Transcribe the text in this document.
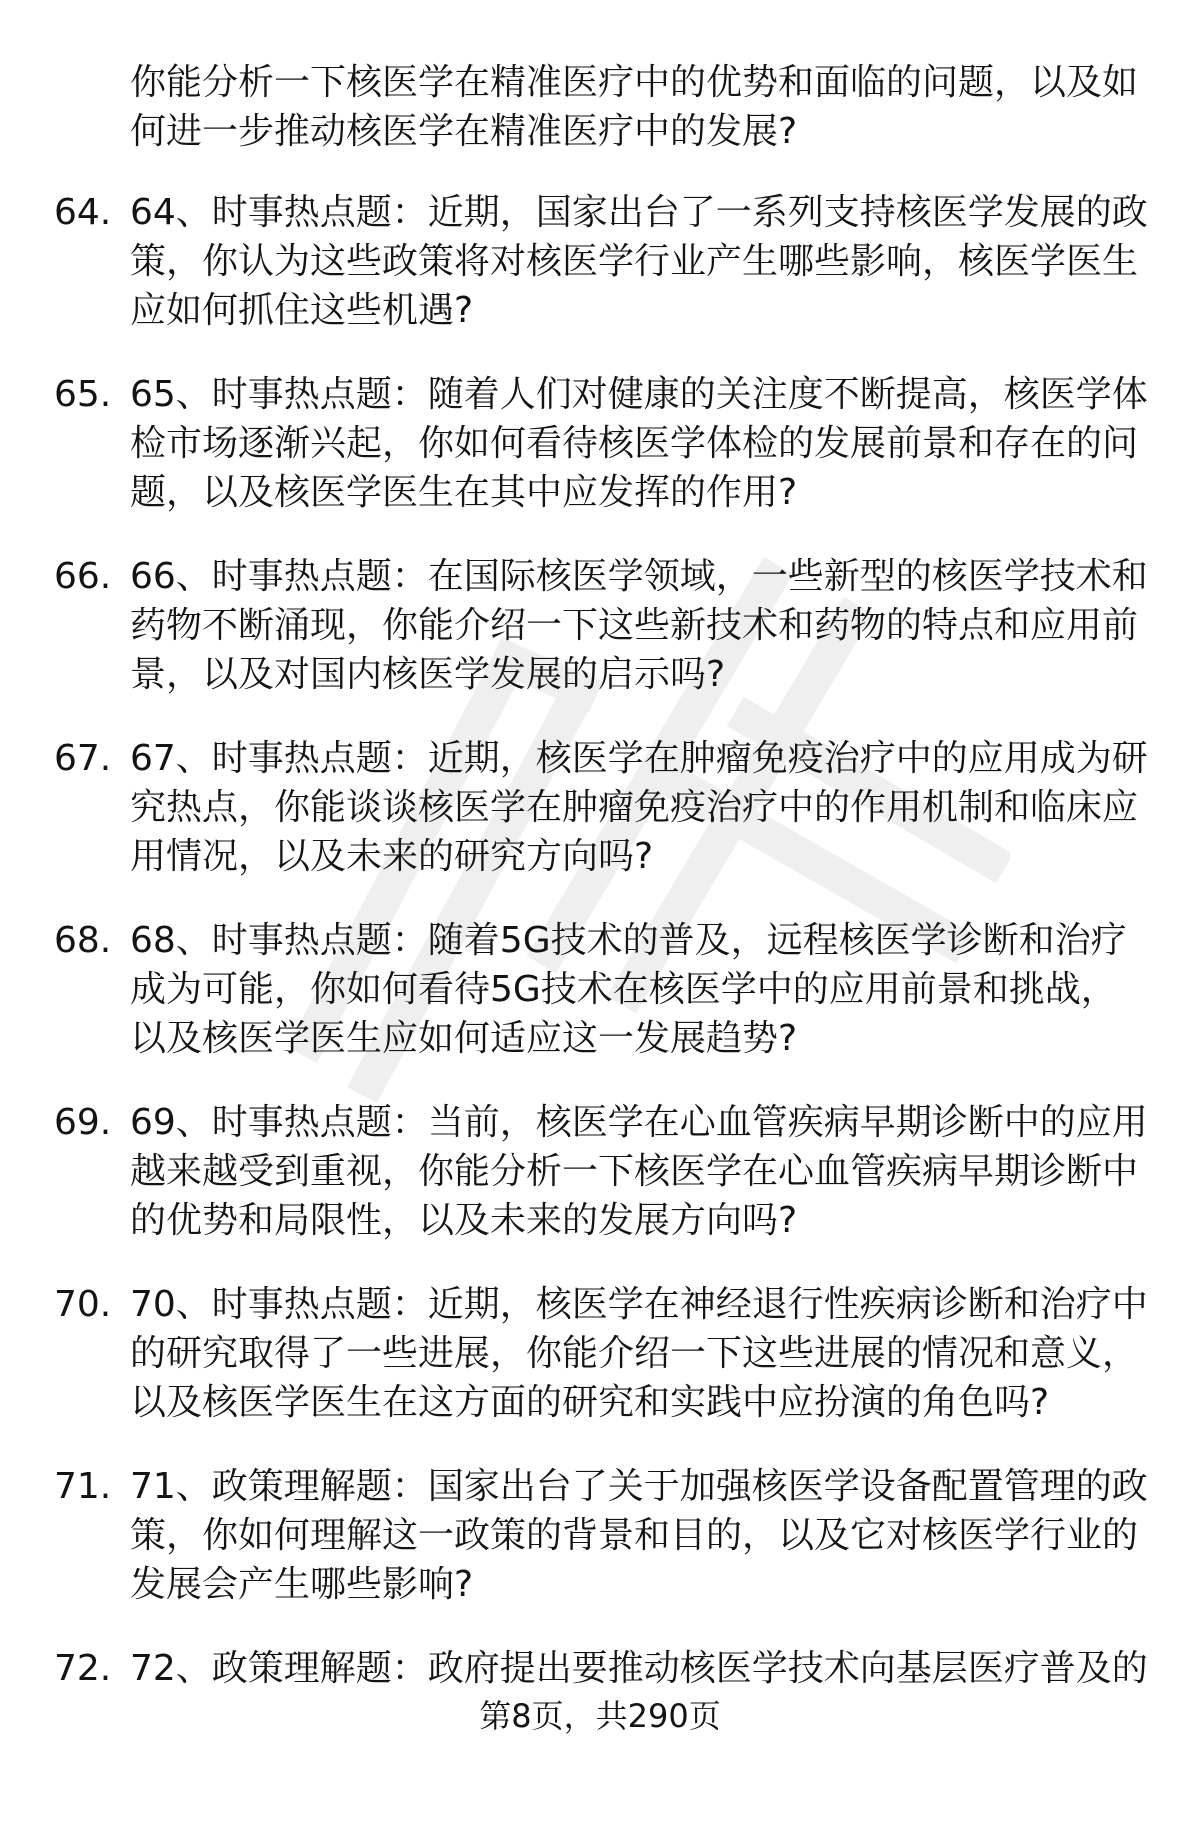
你能分析一下核医学在精准医疗中的优势和面临的问题，以及如何进一步推动核医学在精准医疗中的发展?

64. 64、时事热点题：近期，国家出台了一系列支持核医学发展的政策，你认为这些政策将对核医学行业产生哪些影响，核医学医生应如何抓住这些机遇?
65. 65、时事热点题：随着人们对健康的关注度不断提高，核医学体检市场逐渐兴起，你如何看待核医学体检的发展前景和存在的问题，以及核医学医生在其中应发挥的作用?
66. 66、时事热点题：在国际核医学领域，一些新型的核医学技术和药物不断涌现，你能介绍一下这些新技术和药物的特点和应用前景，以及对国内核医学发展的启示吗?
67. 67、时事热点题：近期，核医学在肿瘤免疫治疗中的应用成为研究热点，你能谈谈核医学在肿瘤免疫治疗中的作用机制和临床应用情况，以及未来的研究方向吗?
68. 68、时事热点题：随着5G技术的普及，远程核医学诊断和治疗成为可能，你如何看待5G技术在核医学中的应用前景和挑战，以及核医学医生应如何适应这一发展趋势?
69. 69、时事热点题：当前，核医学在心血管疾病早期诊断中的应用越来越受到重视，你能分析一下核医学在心血管疾病早期诊断中的优势和局限性，以及未来的发展方向吗?
70. 70、时事热点题：近期，核医学在神经退行性疾病诊断和治疗中的研究取得了一些进展，你能介绍一下这些进展的情况和意义，以及核医学医生在这方面的研究和实践中应扮演的角色吗?
71. 71、政策理解题：国家出台了关于加强核医学设备配置管理的政策，你如何理解这一政策的背景和目的，以及它对核医学行业的发展会产生哪些影响?
72. 72、政策理解题：政府提出要推动核医学技术向基层医疗普及的
第8页，共290页
